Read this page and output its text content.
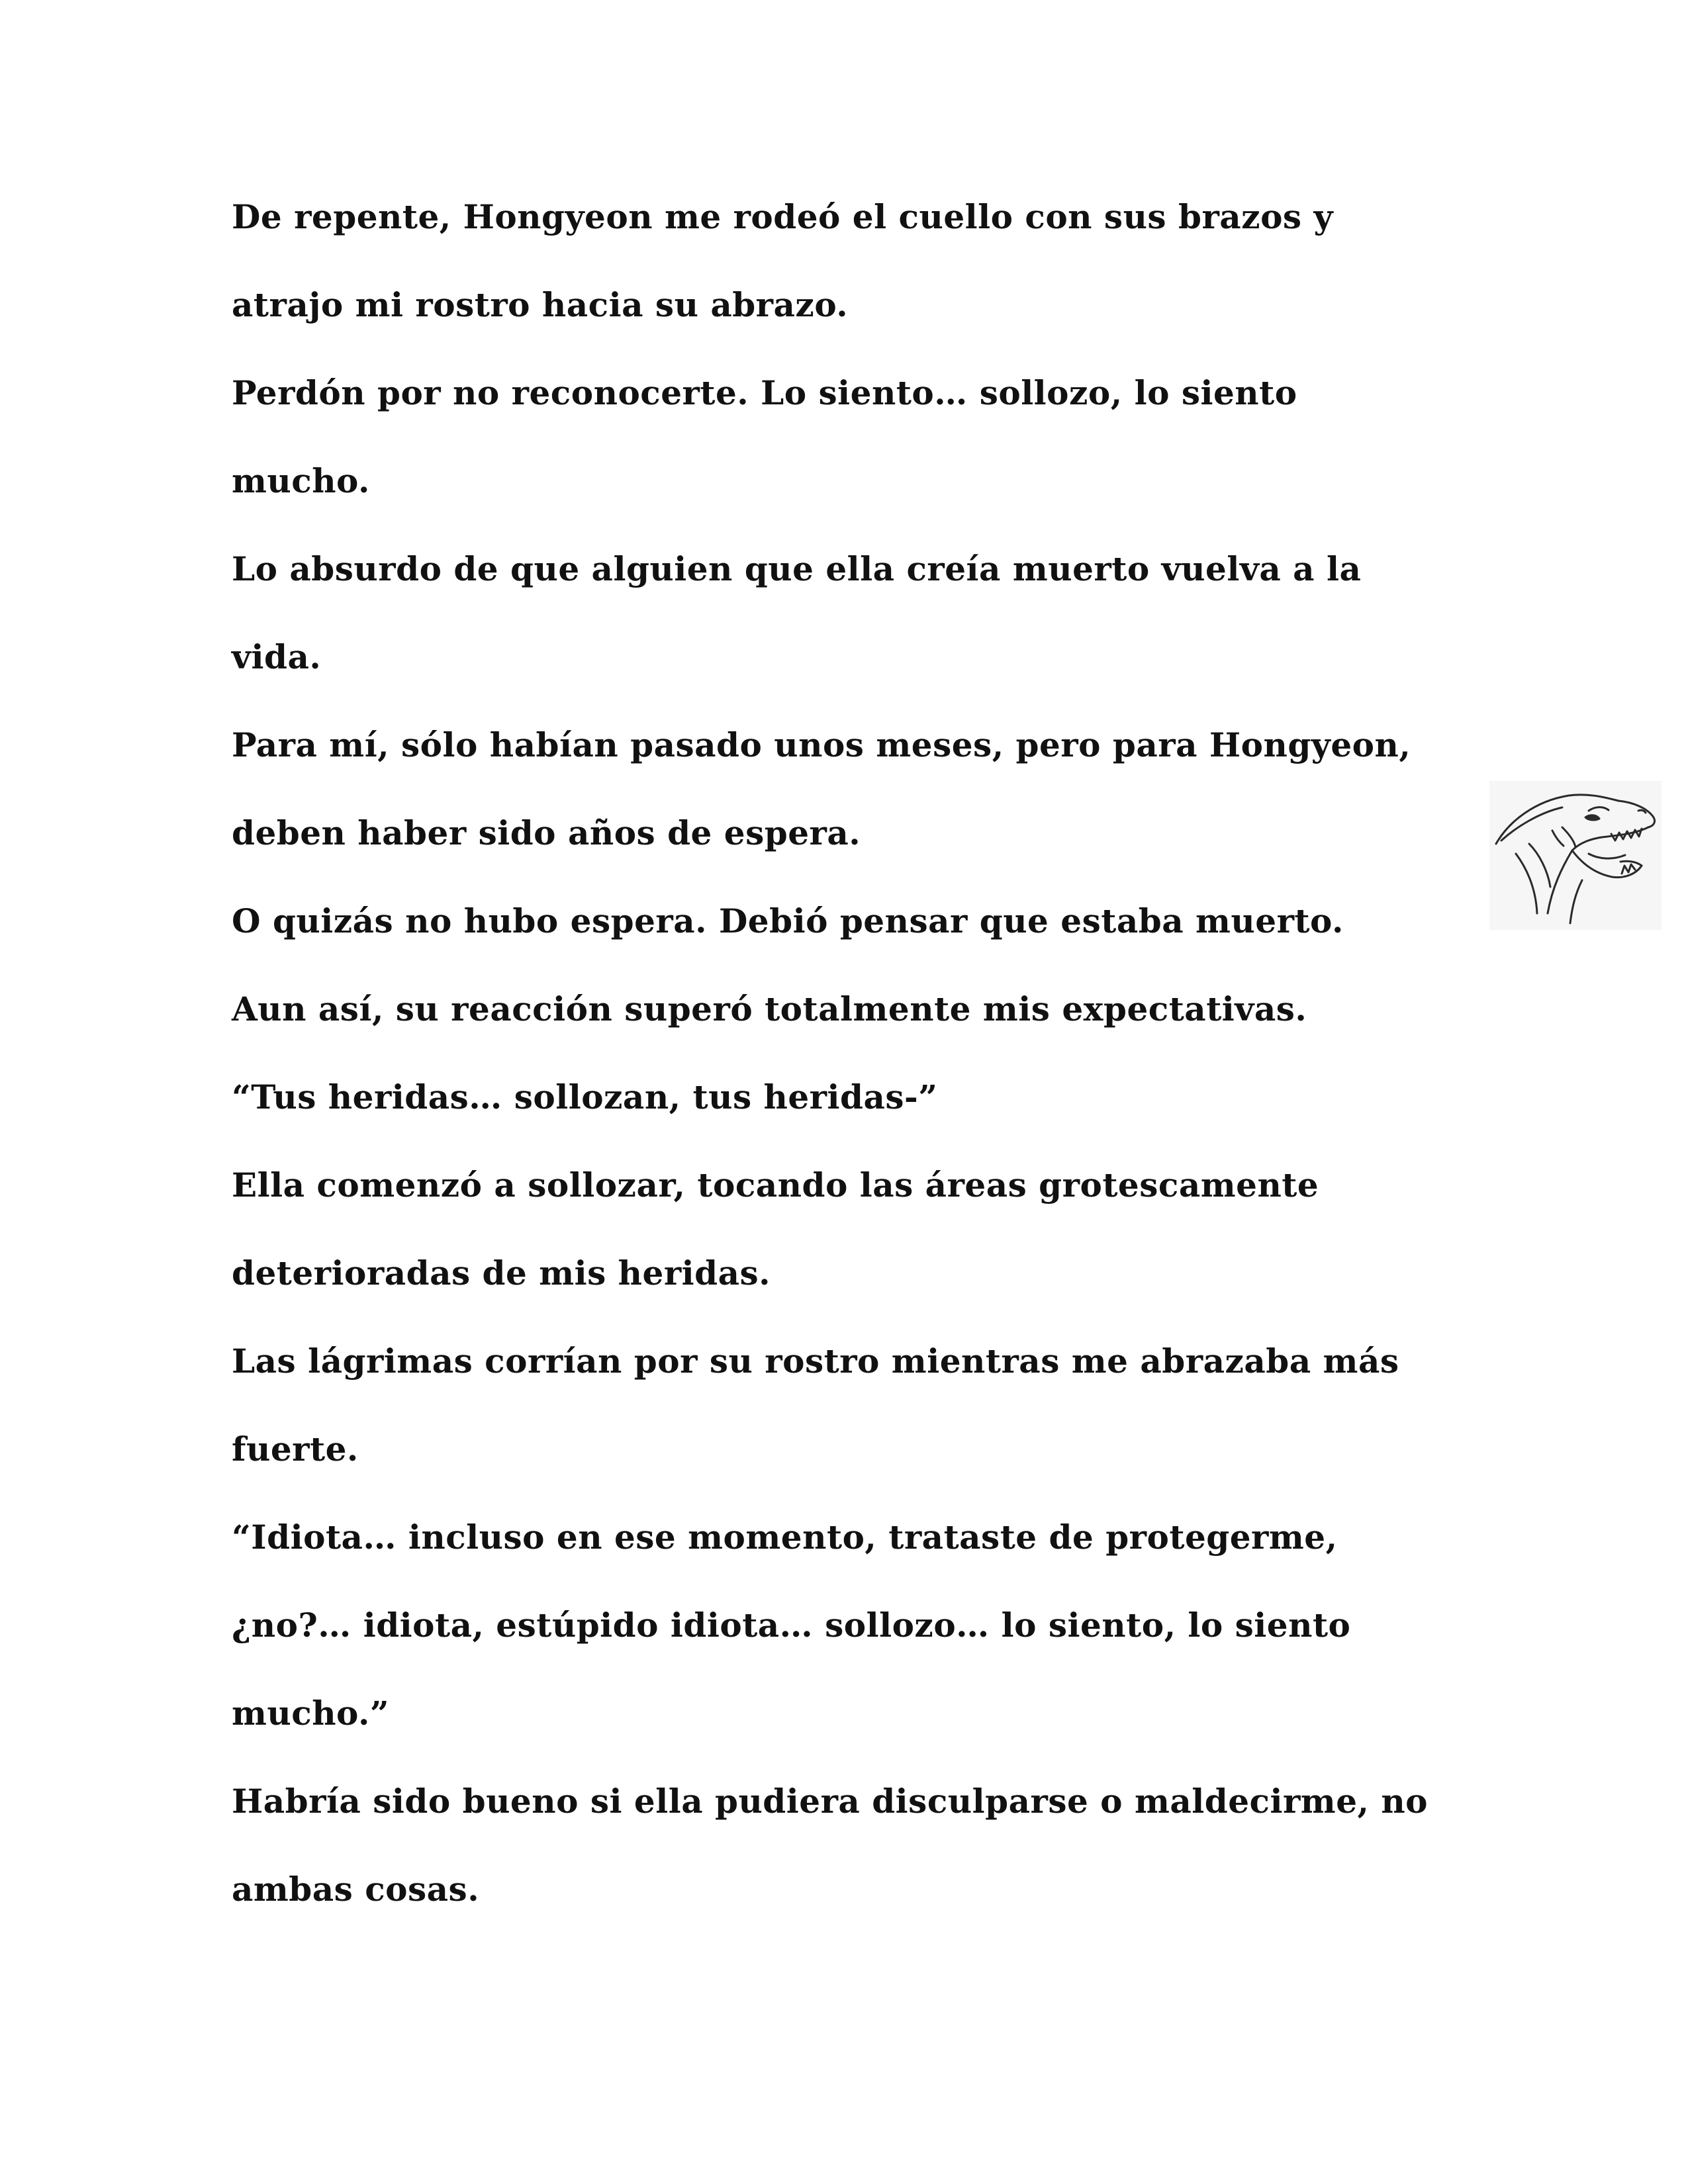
De repente, Hongyeon me rodeó el cuello con sus brazos y
atrajo mi rostro hacia su abrazo.
Perdón por no reconocerte. Lo siento… sollozo, lo siento
mucho.
Lo absurdo de que alguien que ella creía muerto vuelva a la
vida.
Para mí, sólo habían pasado unos meses, pero para Hongyeon,
deben haber sido años de espera.
O quizás no hubo espera. Debió pensar que estaba muerto.
Aun así, su reacción superó totalmente mis expectativas.
“Tus heridas… sollozan, tus heridas-”
Ella comenzó a sollozar, tocando las áreas grotescamente
deterioradas de mis heridas.
Las lágrimas corrían por su rostro mientras me abrazaba más
fuerte.
“Idiota… incluso en ese momento, trataste de protegerme,
¿no?… idiota, estúpido idiota… sollozo… lo siento, lo siento
mucho.”
Habría sido bueno si ella pudiera disculparse o maldecirme, no
ambas cosas.
